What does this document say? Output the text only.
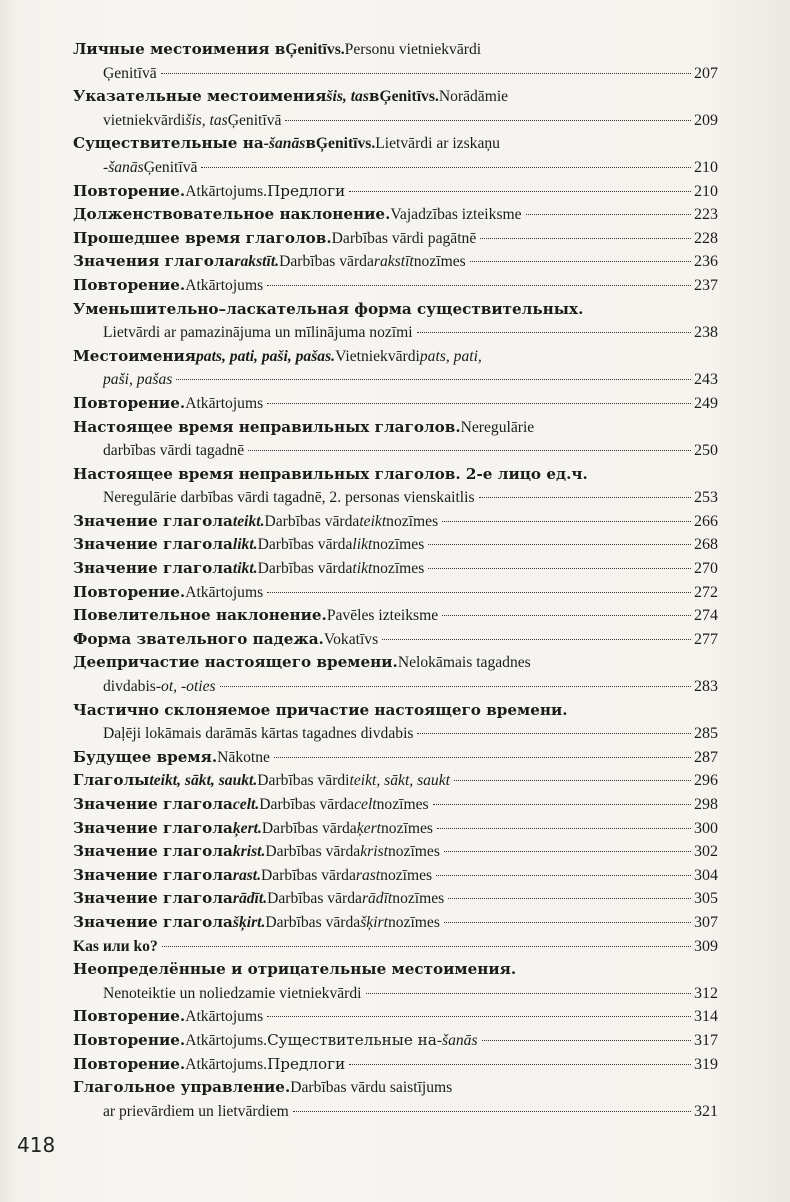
Личные местоимения в Ģenitīvs. Personu vietniekvārdi
Ģenitīvā	207
Указательные местоимения šis, tas в Ģenitīvs. Norādāmie
vietniekvārdi šis, tas Ģenitīvā	209
Существительные на -šanās в Ģenitīvs. Lietvārdi ar izskaņu
-šanās Ģenitīvā	210
Повторение. Atkārtojums. Предлоги	210
Долженствовательное наклонение. Vajadzības izteiksme	223
Прошедшее время глаголов. Darbības vārdi pagātnē	228
Значения глагола rakstīt. Darbības vārda rakstīt nozīmes	236
Повторение. Atkārtojums	237
Уменьшительно–ласкательная форма существительных.
Lietvārdi ar pamazinājuma un mīlinājuma nozīmi	238
Местоимения pats, pati, paši, pašas. Vietniekvārdi pats, pati,
paši, pašas	243
Повторение. Atkārtojums	249
Настоящее время неправильных глаголов. Neregulārie
darbības vārdi tagadnē	250
Настоящее время неправильных глаголов. 2-е лицо ед.ч.
Neregulārie darbības vārdi tagadnē, 2. personas vienskaitlis	253
Значение глагола teikt. Darbības vārda teikt nozīmes	266
Значение глагола likt. Darbības vārda likt nozīmes	268
Значение глагола tikt. Darbības vārda tikt nozīmes	270
Повторение. Atkārtojums	272
Повелительное наклонение. Pavēles izteiksme	274
Форма звательного падежа. Vokatīvs	277
Деепричастие настоящего времени. Nelokāmais tagadnes
divdabis -ot, -oties	283
Частично склоняемое причастие настоящего времени.
Daļēji lokāmais darāmās kārtas tagadnes divdabis	285
Будущее время. Nākotne	287
Глаголы teikt, sākt, saukt. Darbības vārdi teikt, sākt, saukt	296
Значение глагола celt. Darbības vārda celt nozīmes	298
Значение глагола ķert. Darbības vārda ķert nozīmes	300
Значение глагола krist. Darbības vārda krist nozīmes	302
Значение глагола rast. Darbības vārda rast nozīmes	304
Значение глагола rādīt. Darbības vārda rādīt nozīmes	305
Значение глагола šķirt. Darbības vārda šķirt nozīmes	307
Kas или ko?	309
Неопределённые и отрицательные местоимения.
Nenoteiktie un noliedzamie vietniekvārdi	312
Повторение. Atkārtojums	314
Повторение. Atkārtojums. Существительные на -šanās	317
Повторение. Atkārtojums. Предлоги	319
Глагольное управление. Darbības vārdu saistījums
ar prievārdiem un lietvārdiem	321
418
